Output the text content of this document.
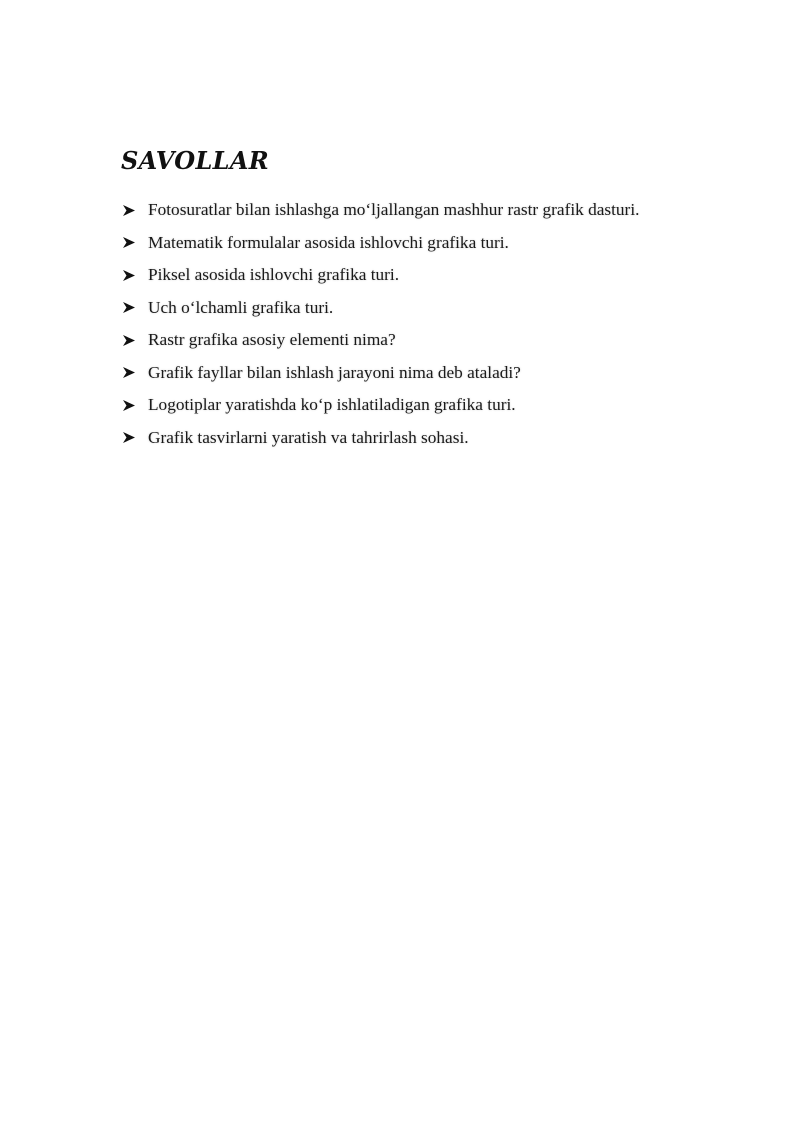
SAVOLLAR
Fotosuratlar bilan ishlashga mo‘ljallangan mashhur rastr grafik dasturi.
Matematik formulalar asosida ishlovchi grafika turi.
Piksel asosida ishlovchi grafika turi.
Uch o‘lchamli grafika turi.
Rastr grafika asosiy elementi nima?
Grafik fayllar bilan ishlash jarayoni nima deb ataladi?
Logotiplar yaratishda ko‘p ishlatiladigan grafika turi.
Grafik tasvirlarni yaratish va tahrirlash sohasi.
